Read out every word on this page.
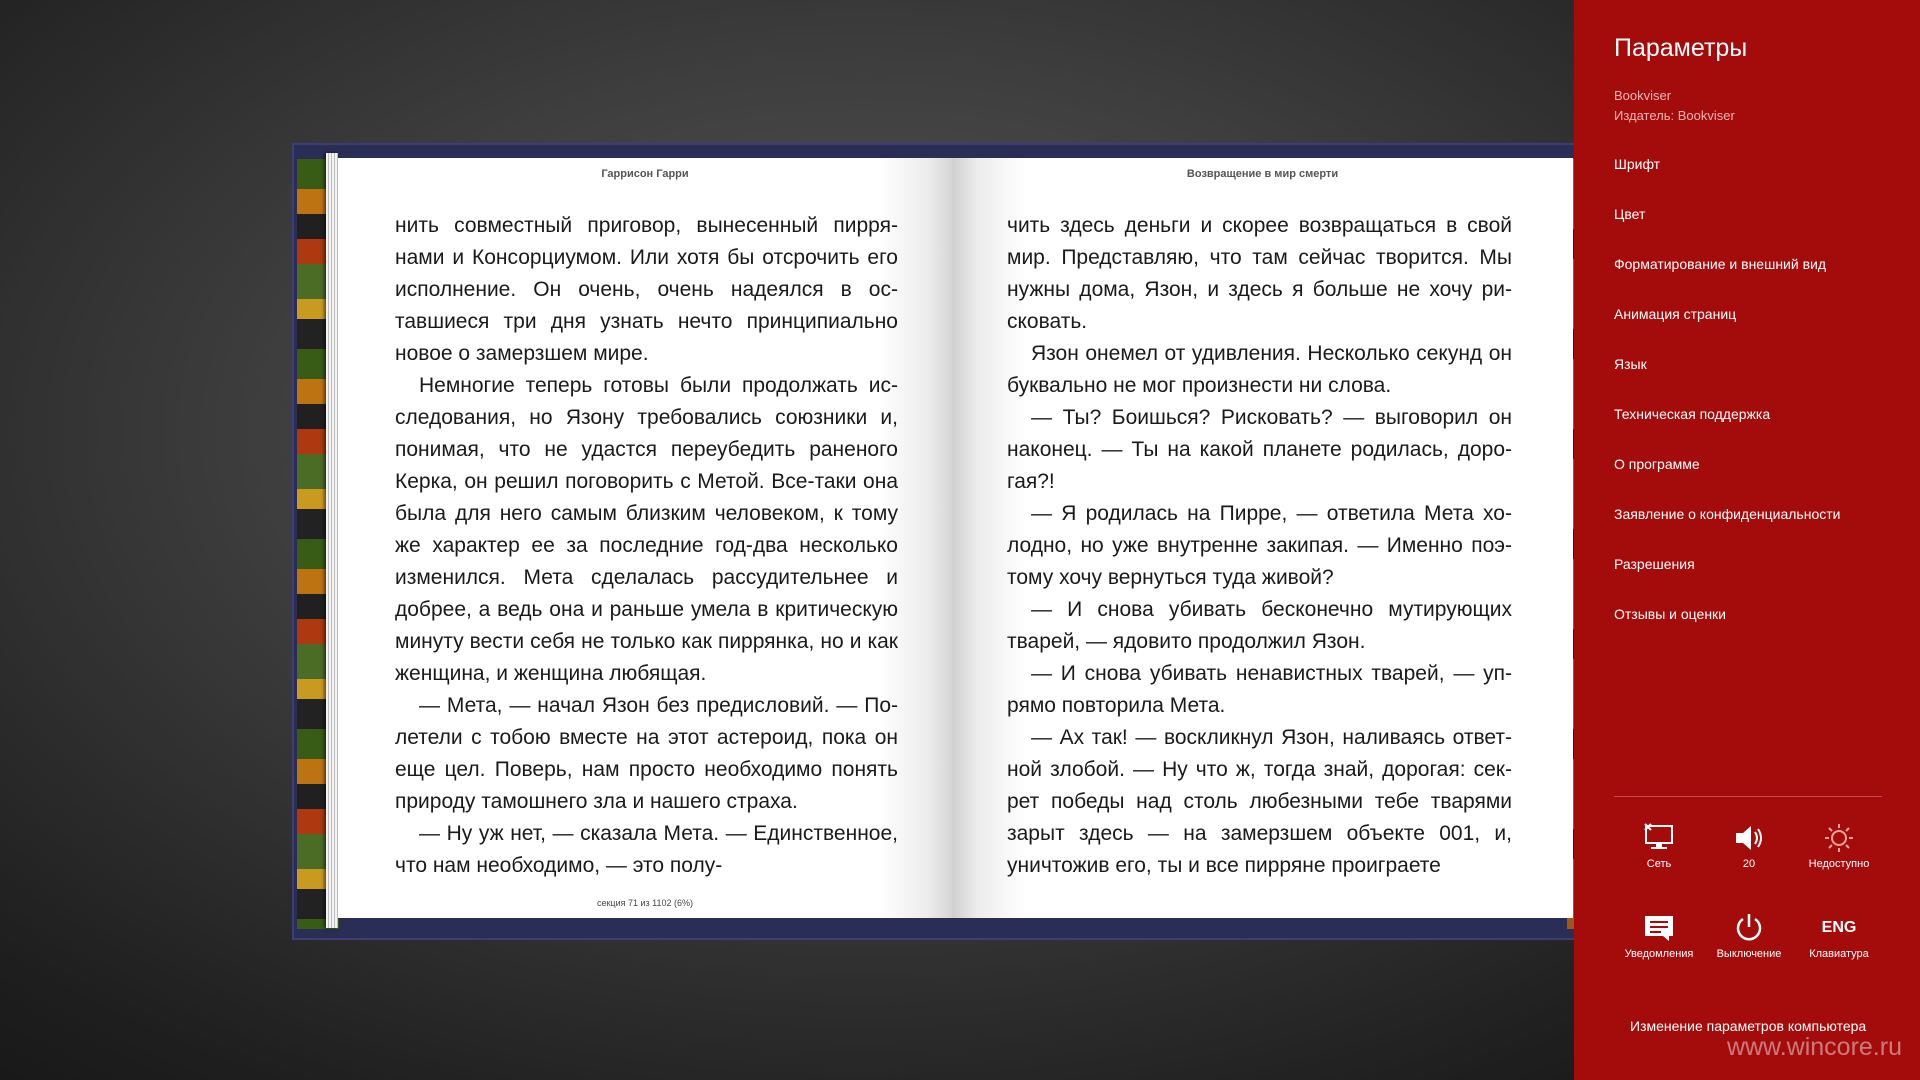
Гаррисон Гарри

нить совместный приговор, вынесенный пиррянами и Консорциумом. Или хотя бы отсрочить его исполнение. Он очень, очень надеялся в оставшиеся три дня узнать нечто принципиально новое о замерзшем мире.

Немногие теперь готовы были продолжать исследования, но Язону требовались союзники и, понимая, что не удастся переубедить раненого Керка, он решил поговорить с Метой. Все-таки она была для него самым близким человеком, к тому же характер ее за последние год-два несколько изменился. Мета сделалась рассудительнее и добрее, а ведь она и раньше умела в критическую минуту вести себя не только как пиррянка, но и как женщина, и женщина любящая.

— Мета, — начал Язон без предисловий. — Полетели с тобою вместе на этот астероид, пока он еще цел. Поверь, нам просто необходимо понять природу тамошнего зла и нашего страха.

— Ну уж нет, — сказала Мета. — Единственное, что нам необходимо, — это полу-

секция 71 из 1102 (6%)
Возвращение в мир смерти

чить здесь деньги и скорее возвращаться в свой мир. Представляю, что там сейчас творится. Мы нужны дома, Язон, и здесь я больше не хочу рисковать.

Язон онемел от удивления. Несколько секунд он буквально не мог произнести ни слова.

— Ты? Боишься? Рисковать? — выговорил он наконец. — Ты на какой планете родилась, дорогая?!

— Я родилась на Пирре, — ответила Мета холодно, но уже внутренне закипая. — Именно поэтому хочу вернуться туда живой?

— И снова убивать бесконечно мутирующих тварей, — ядовито продолжил Язон.

— И снова убивать ненавистных тварей, — упрямо повторила Мета.

— Ах так! — воскликнул Язон, наливаясь ответной злобой. — Ну что ж, тогда знай, дорогая: секрет победы над столь любезными тебе тварями зарыт здесь — на замерзшем объекте 001, и, уничтожив его, ты и все пирряне проиграете

Параметры
Bookviser
Издатель: Bookviser
Шрифт
Цвет
Форматирование и внешний вид
Анимация страниц
Язык
Техническая поддержка
О программе
Заявление о конфиденциальности
Разрешения
Отзывы и оценки
Сеть	20	Недоступно
Уведомления	Выключение
ENG
Клавиатура
Изменение параметров компьютера
www.wincore.ru
